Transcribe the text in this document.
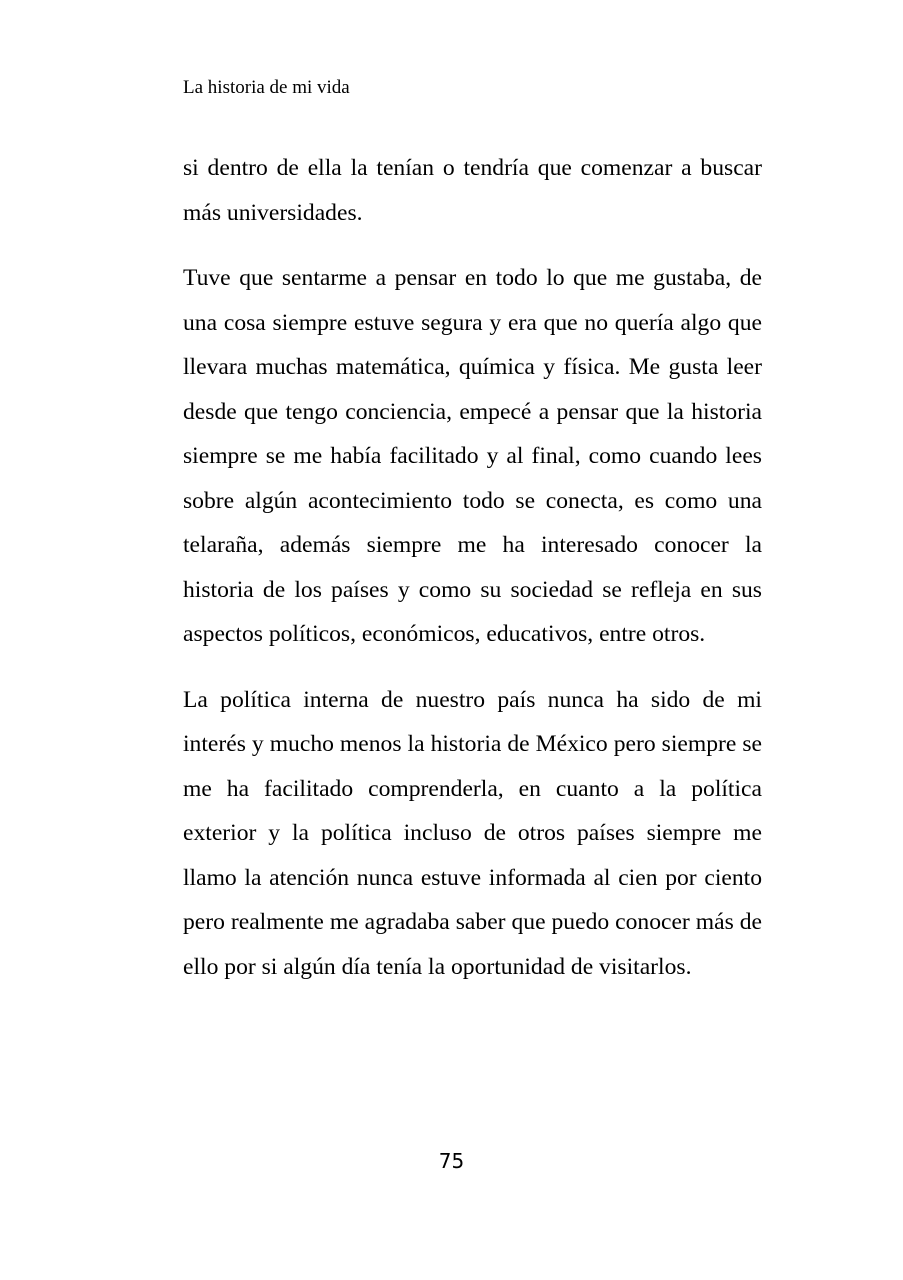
La historia de mi vida

si dentro de ella la tenían o tendría que comenzar a buscar más universidades.

Tuve que sentarme a pensar en todo lo que me gustaba, de una cosa siempre estuve segura y era que no quería algo que llevara muchas matemática, química y física. Me gusta leer desde que tengo conciencia, empecé a pensar que la historia siempre se me había facilitado y al final, como cuando lees sobre algún acontecimiento todo se conecta, es como una telaraña, además siempre me ha interesado conocer la historia de los países y como su sociedad se refleja en sus aspectos políticos, económicos, educativos, entre otros.

La política interna de nuestro país nunca ha sido de mi interés y mucho menos la historia de México pero siempre se me ha facilitado comprenderla, en cuanto a la política exterior y la política incluso de otros países siempre me llamo la atención nunca estuve informada al cien por ciento pero realmente me agradaba saber que puedo conocer más de ello por si algún día tenía la oportunidad de visitarlos.

75
